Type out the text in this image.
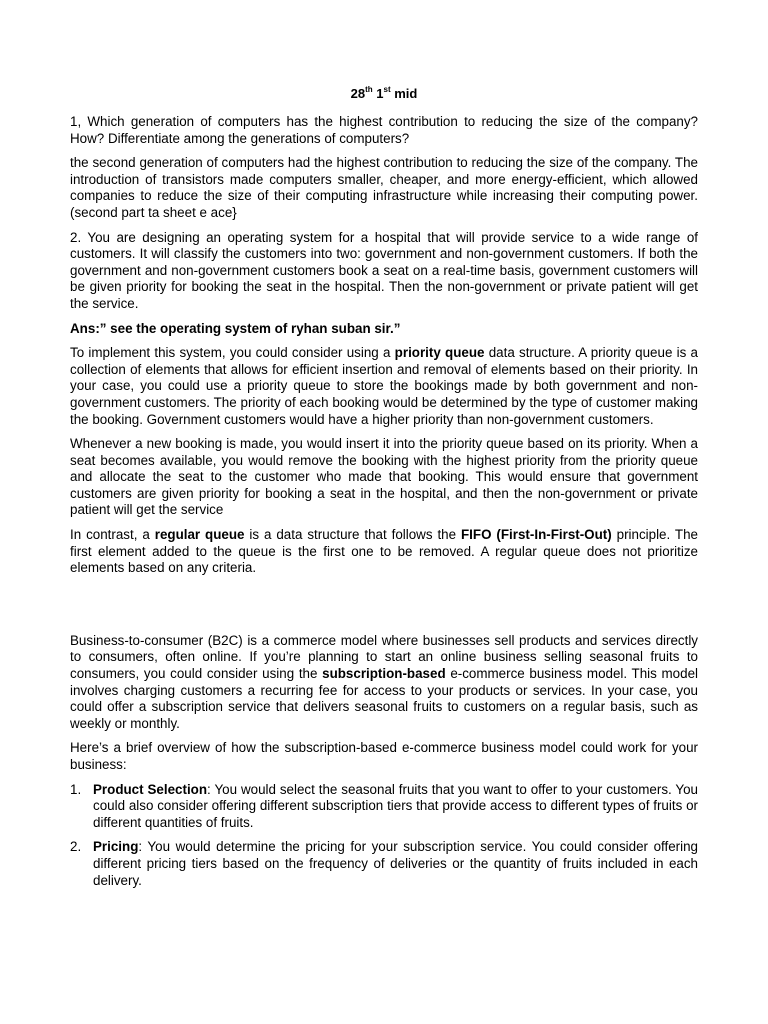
28th 1st mid

1, Which generation of computers has the highest contribution to reducing the size of the company? How? Differentiate among the generations of computers?

the second generation of computers had the highest contribution to reducing the size of the company. The introduction of transistors made computers smaller, cheaper, and more energy-efficient, which allowed companies to reduce the size of their computing infrastructure while increasing their computing power.(second part ta sheet e ace}

2. You are designing an operating system for a hospital that will provide service to a wide range of customers. It will classify the customers into two: government and non-government customers. If both the government and non-government customers book a seat on a real-time basis, government customers will be given priority for booking the seat in the hospital. Then the non-government or private patient will get the service.

Ans:” see the operating system of ryhan suban sir.”

To implement this system, you could consider using a priority queue data structure. A priority queue is a collection of elements that allows for efficient insertion and removal of elements based on their priority. In your case, you could use a priority queue to store the bookings made by both government and non-government customers. The priority of each booking would be determined by the type of customer making the booking. Government customers would have a higher priority than non-government customers.

Whenever a new booking is made, you would insert it into the priority queue based on its priority. When a seat becomes available, you would remove the booking with the highest priority from the priority queue and allocate the seat to the customer who made that booking. This would ensure that government customers are given priority for booking a seat in the hospital, and then the non-government or private patient will get the service

In contrast, a regular queue is a data structure that follows the FIFO (First-In-First-Out) principle. The first element added to the queue is the first one to be removed. A regular queue does not prioritize elements based on any criteria.

Business-to-consumer (B2C) is a commerce model where businesses sell products and services directly to consumers, often online. If you’re planning to start an online business selling seasonal fruits to consumers, you could consider using the subscription-based e-commerce business model. This model involves charging customers a recurring fee for access to your products or services. In your case, you could offer a subscription service that delivers seasonal fruits to customers on a regular basis, such as weekly or monthly.

Here’s a brief overview of how the subscription-based e-commerce business model could work for your business:

1. Product Selection: You would select the seasonal fruits that you want to offer to your customers. You could also consider offering different subscription tiers that provide access to different types of fruits or different quantities of fruits.
2. Pricing: You would determine the pricing for your subscription service. You could consider offering different pricing tiers based on the frequency of deliveries or the quantity of fruits included in each delivery.
